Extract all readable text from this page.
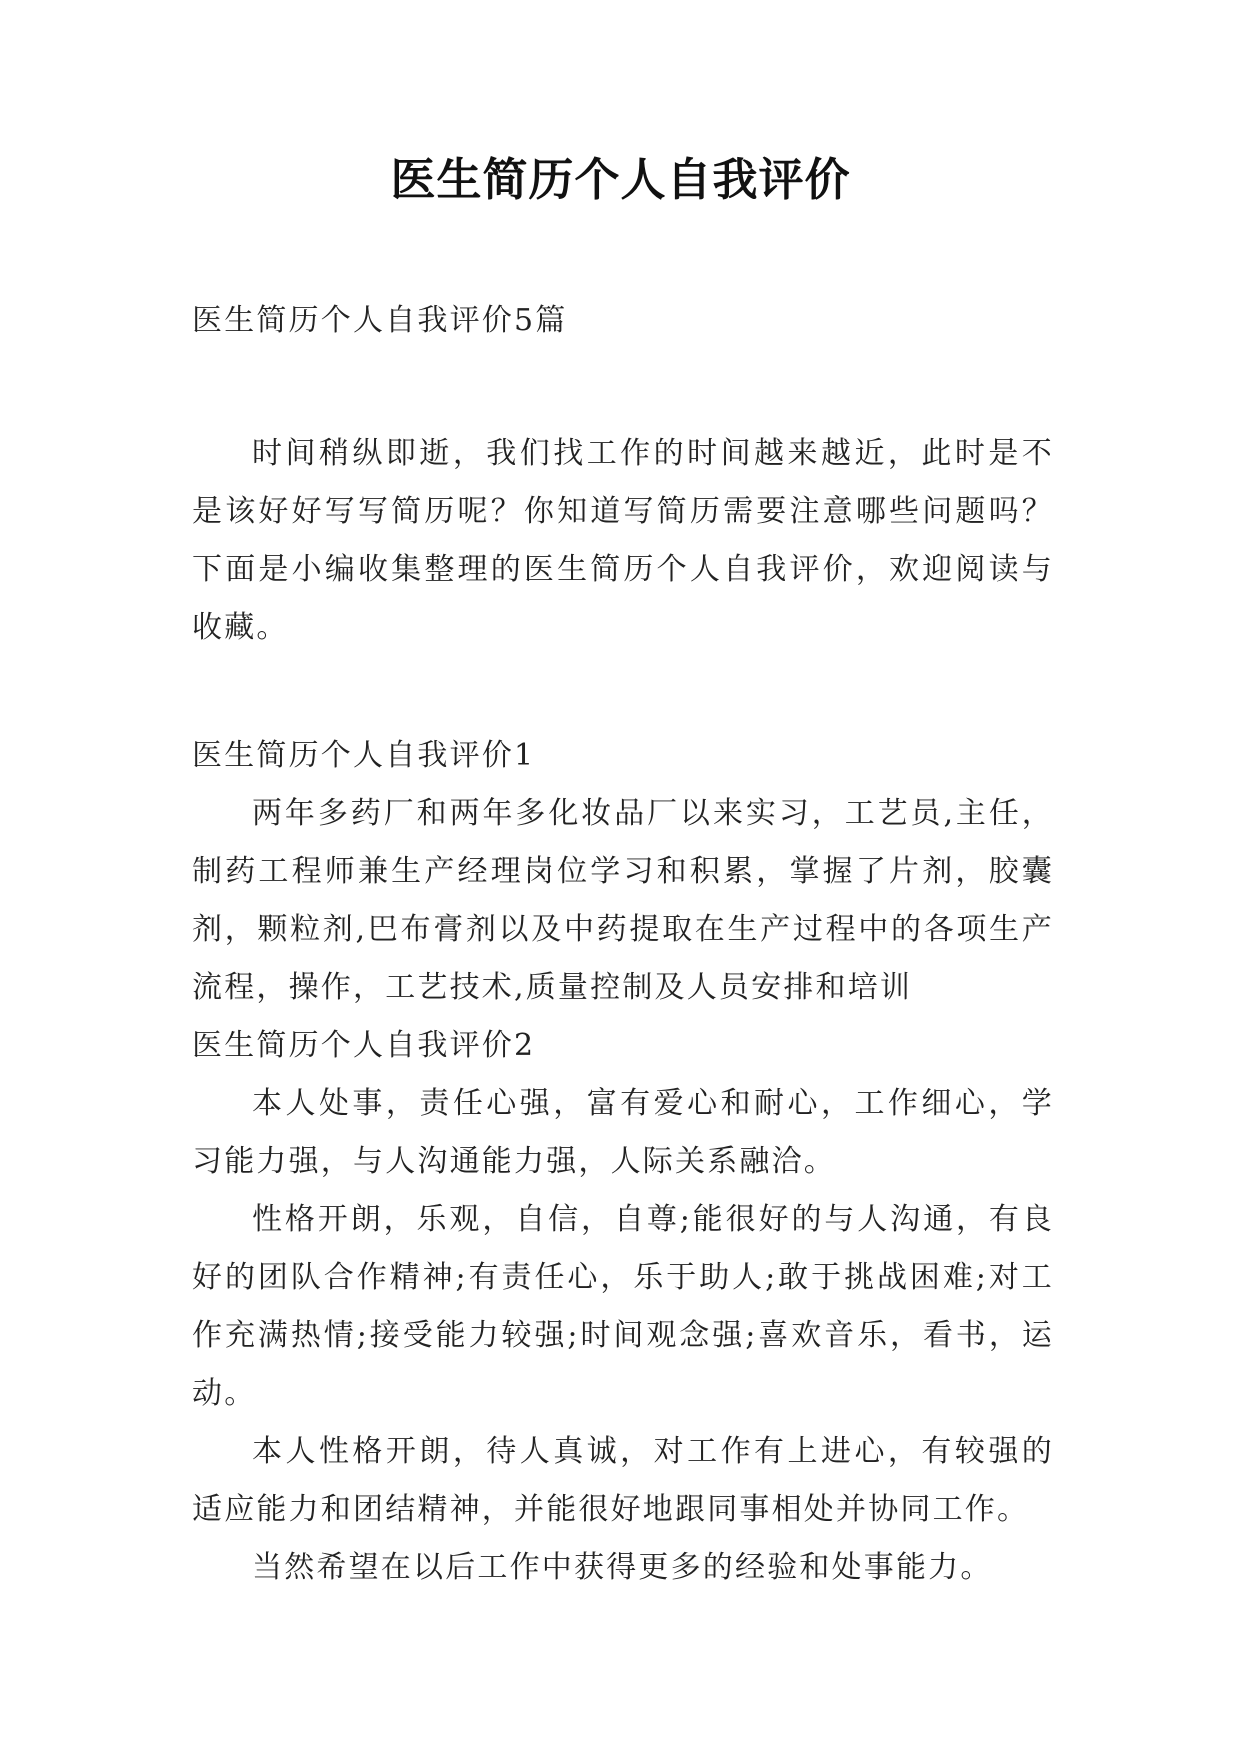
医生简历个人自我评价

医生简历个人自我评价5篇

时间稍纵即逝，我们找工作的时间越来越近，此时是不是该好好写写简历呢？你知道写简历需要注意哪些问题吗？下面是小编收集整理的医生简历个人自我评价，欢迎阅读与收藏。

医生简历个人自我评价1

两年多药厂和两年多化妆品厂以来实习，工艺员,主任，制药工程师兼生产经理岗位学习和积累，掌握了片剂，胶囊剂，颗粒剂,巴布膏剂以及中药提取在生产过程中的各项生产流程，操作，工艺技术,质量控制及人员安排和培训

医生简历个人自我评价2

本人处事，责任心强，富有爱心和耐心，工作细心，学习能力强，与人沟通能力强，人际关系融洽。

性格开朗，乐观，自信，自尊;能很好的与人沟通，有良好的团队合作精神;有责任心，乐于助人;敢于挑战困难;对工作充满热情;接受能力较强;时间观念强;喜欢音乐，看书，运动。

本人性格开朗，待人真诚，对工作有上进心，有较强的适应能力和团结精神，并能很好地跟同事相处并协同工作。

当然希望在以后工作中获得更多的经验和处事能力。
